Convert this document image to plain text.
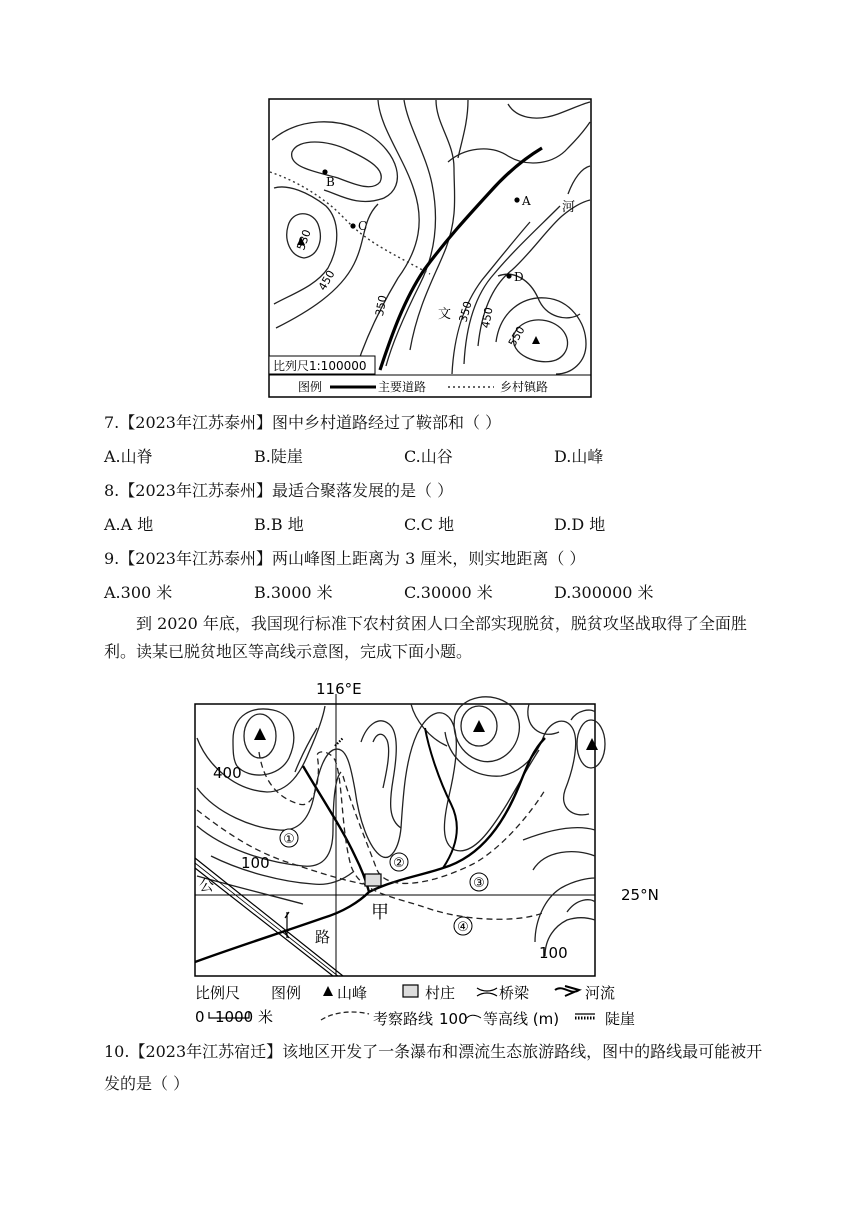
B
C
A
D
河
文
530
450
350	350 450
550
比列尺1:100000
图例	主要道路	乡村镇路
7.【2023年江苏泰州】图中乡村道路经过了鞍部和（ ）
A.山脊	B.陡崖	C.山谷	D.山峰
8.【2023年江苏泰州】最适合聚落发展的是（ ）
A.A 地	B.B 地	C.C 地	D.D 地
9.【2023年江苏泰州】两山峰图上距离为 3 厘米，则实地距离（ ）
A.300 米	B.3000 米	C.30000 米	D.300000 米
到 2020 年底，我国现行标准下农村贫困人口全部实现脱贫，脱贫攻坚战取得了全面胜利。读某已脱贫地区等高线示意图，完成下面小题。
116°E
25°N
甲
400
100
100
①
②
③
④
公
路
比例尺 图例 山峰	村庄	桥梁	河流
0 1000 米	考察路线 100 等高线 (m)	陡崖
10.【2023年江苏宿迁】该地区开发了一条瀑布和漂流生态旅游路线，图中的路线最可能被开发的是（ ）
